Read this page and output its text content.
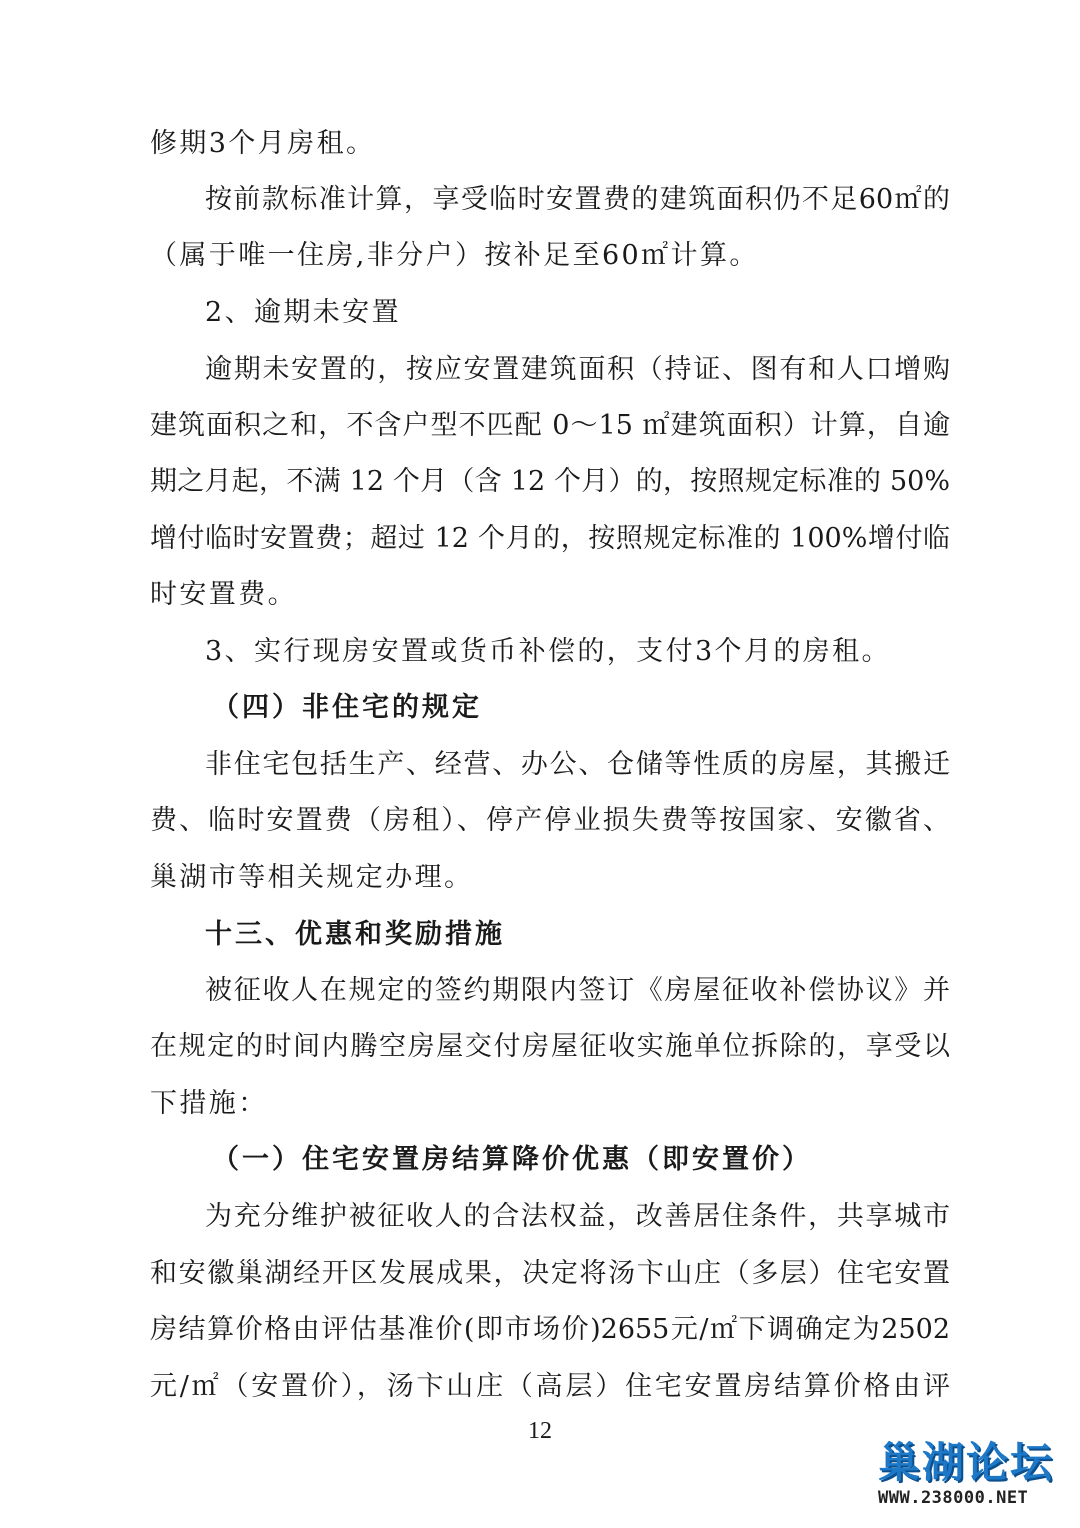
修期3个月房租。
按前款标准计算，享受临时安置费的建筑面积仍不足60㎡的
（属于唯一住房,非分户）按补足至60㎡计算。
2、逾期未安置
逾期未安置的，按应安置建筑面积（持证、图有和人口增购
建筑面积之和，不含户型不匹配 0～15 ㎡建筑面积）计算，自逾
期之月起，不满 12 个月（含 12 个月）的，按照规定标准的 50%
增付临时安置费；超过 12 个月的，按照规定标准的 100%增付临
时安置费。
3、实行现房安置或货币补偿的，支付3个月的房租。
（四）非住宅的规定
非住宅包括生产、经营、办公、仓储等性质的房屋，其搬迁
费、临时安置费（房租）、停产停业损失费等按国家、安徽省、
巢湖市等相关规定办理。
十三、优惠和奖励措施
被征收人在规定的签约期限内签订《房屋征收补偿协议》并
在规定的时间内腾空房屋交付房屋征收实施单位拆除的，享受以
下措施：
（一）住宅安置房结算降价优惠（即安置价）
为充分维护被征收人的合法权益，改善居住条件，共享城市
和安徽巢湖经开区发展成果，决定将汤卞山庄（多层）住宅安置
房结算价格由评估基准价(即市场价)2655元/㎡下调确定为2502
元/㎡（安置价），汤卞山庄（高层）住宅安置房结算价格由评
12
巢湖论坛
WWW.238000.NET
